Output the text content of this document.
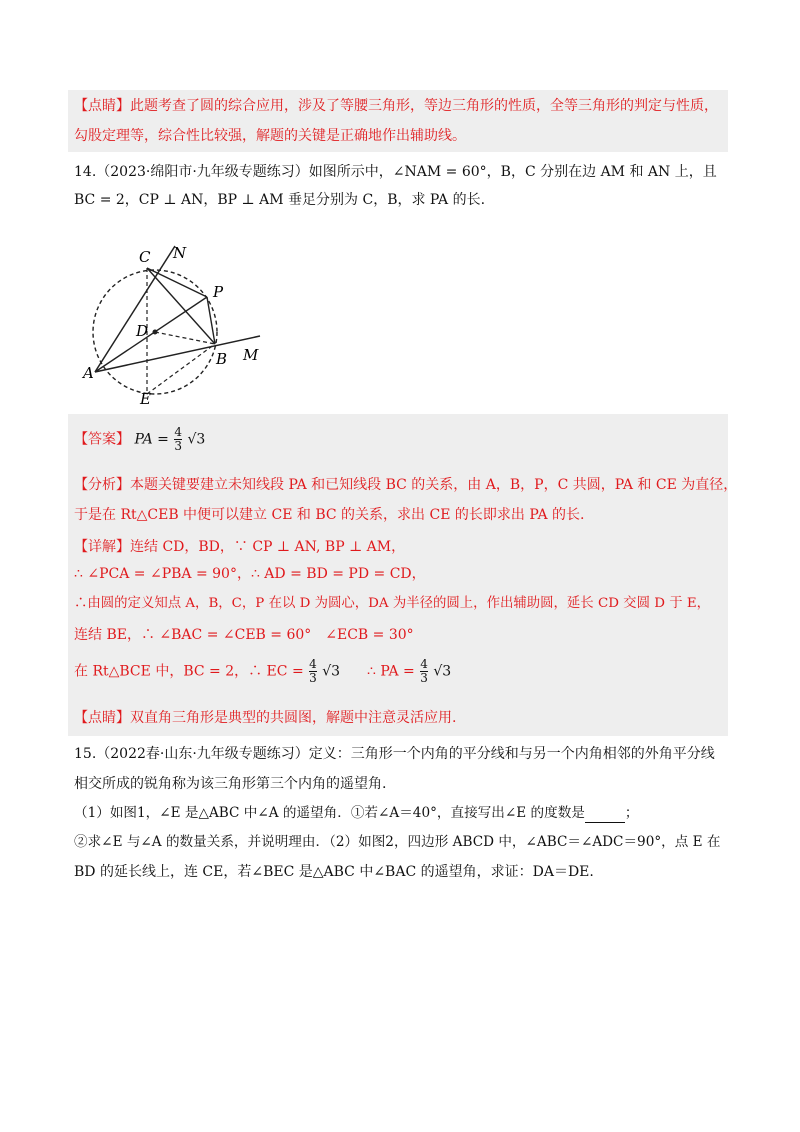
【点睛】此题考查了圆的综合应用，涉及了等腰三角形，等边三角形的性质，全等三角形的判定与性质，
勾股定理等，综合性比较强，解题的关键是正确地作出辅助线。
14.（2023·绵阳市·九年级专题练习）如图所示中，∠NAM = 60°，B，C 分别在边 AM 和 AN 上，且
BC = 2，CP ⊥ AN，BP ⊥ AM 垂足分别为 C，B，求 PA 的长.
C N
P
D
B M
A
E
【答案】 PA = $\frac{4}{3} √3$
【分析】本题关键要建立未知线段 PA 和已知线段 BC 的关系，由 A，B，P，C 共圆，PA 和 CE 为直径，
于是在 Rt△CEB 中便可以建立 CE 和 BC 的关系，求出 CE 的长即求出 PA 的长.
【详解】连结 CD，BD，∵ CP ⊥ AN, BP ⊥ AM，
∴ ∠PCA = ∠PBA = 90°，∴ AD = BD = PD = CD，
∴由圆的定义知点 A，B，C，P 在以 D 为圆心，DA 为半径的圆上，作出辅助圆，延长 CD 交圆 D 于 E，
连结 BE，∴ ∠BAC = ∠CEB = 60°　∠ECB = 30°
在 Rt△BCE 中，BC = 2，∴ EC = $\frac{4}{3} √3$ ∴ PA = $\frac{4}{3} √3$
【点睛】双直角三角形是典型的共圆图，解题中注意灵活应用.
15.（2022春·山东·九年级专题练习）定义：三角形一个内角的平分线和与另一个内角相邻的外角平分线
相交所成的锐角称为该三角形第三个内角的遥望角.
（1）如图1，∠E 是△ABC 中∠A 的遥望角．①若∠A＝40°，直接写出∠E 的度数是	；
②求∠E 与∠A 的数量关系，并说明理由．（2）如图2，四边形 ABCD 中，∠ABC＝∠ADC＝90°，点 E 在
BD 的延长线上，连 CE，若∠BEC 是△ABC 中∠BAC 的遥望角，求证：DA＝DE.
